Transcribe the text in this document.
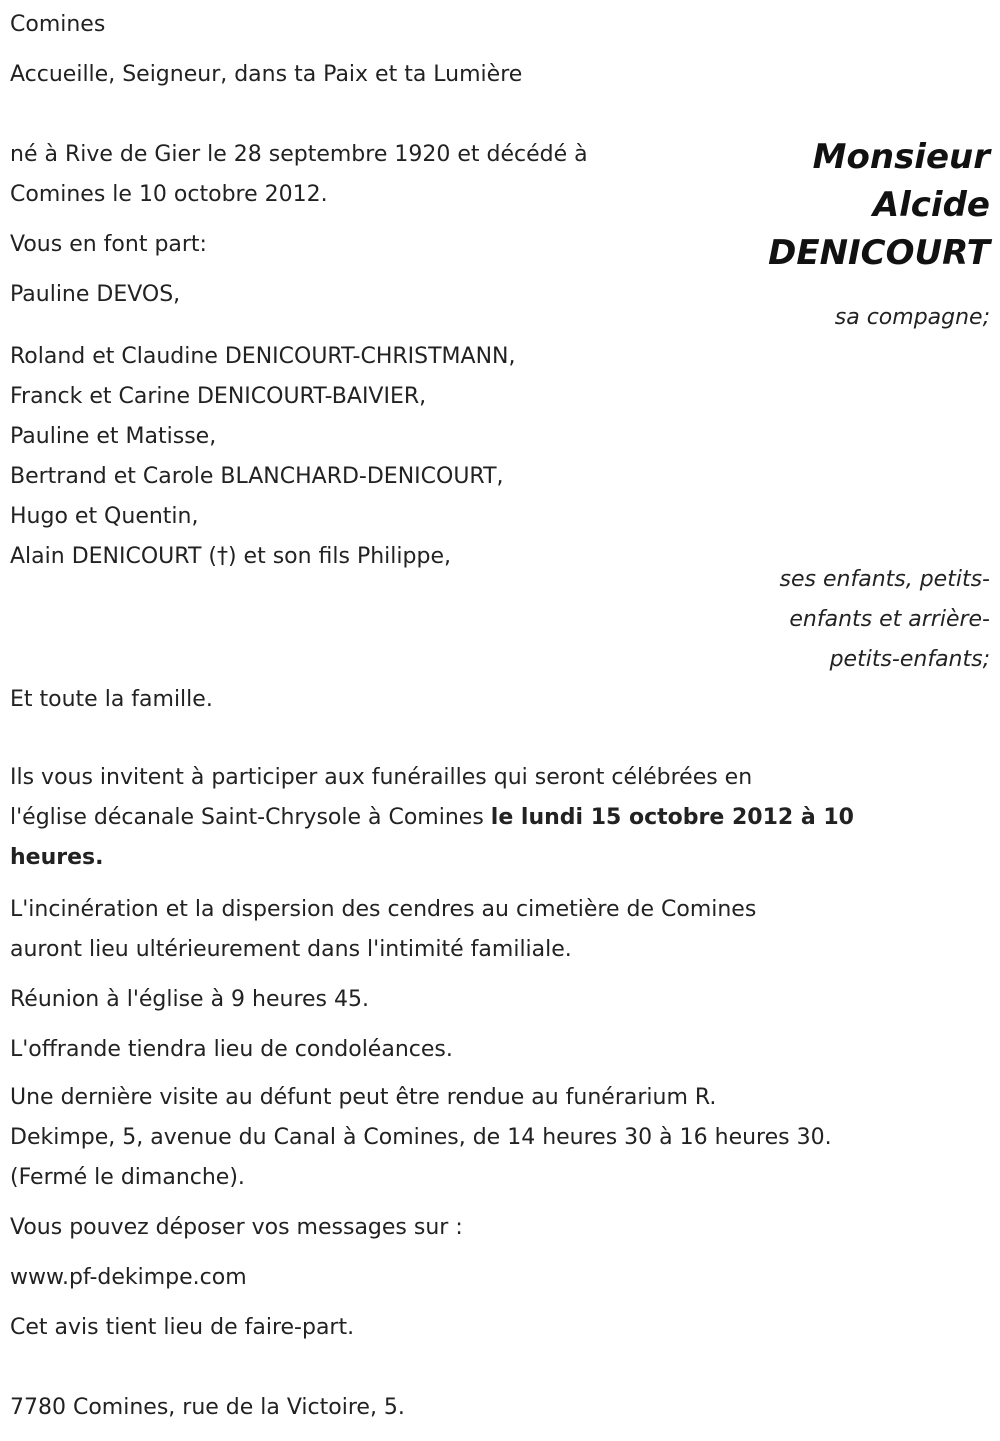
Comines
Accueille, Seigneur, dans ta Paix et ta Lumière
né à Rive de Gier le 28 septembre 1920 et décédé à
Comines le 10 octobre 2012.
Monsieur
Alcide
DENICOURT
Vous en font part:
Pauline DEVOS,
sa compagne;
Roland et Claudine DENICOURT-CHRISTMANN,
Franck et Carine DENICOURT-BAIVIER,
Pauline et Matisse,
Bertrand et Carole BLANCHARD-DENICOURT,
Hugo et Quentin,
Alain DENICOURT (†) et son fils Philippe,
ses enfants, petits-
enfants et arrière-
petits-enfants;
Et toute la famille.
Ils vous invitent à participer aux funérailles qui seront célébrées en
l'église décanale Saint-Chrysole à Comines le lundi 15 octobre 2012 à 10
heures.
L'incinération et la dispersion des cendres au cimetière de Comines
auront lieu ultérieurement dans l'intimité familiale.
Réunion à l'église à 9 heures 45.
L'offrande tiendra lieu de condoléances.
Une dernière visite au défunt peut être rendue au funérarium R.
Dekimpe, 5, avenue du Canal à Comines, de 14 heures 30 à 16 heures 30.
(Fermé le dimanche).
Vous pouvez déposer vos messages sur :
www.pf-dekimpe.com
Cet avis tient lieu de faire-part.
7780 Comines, rue de la Victoire, 5.
